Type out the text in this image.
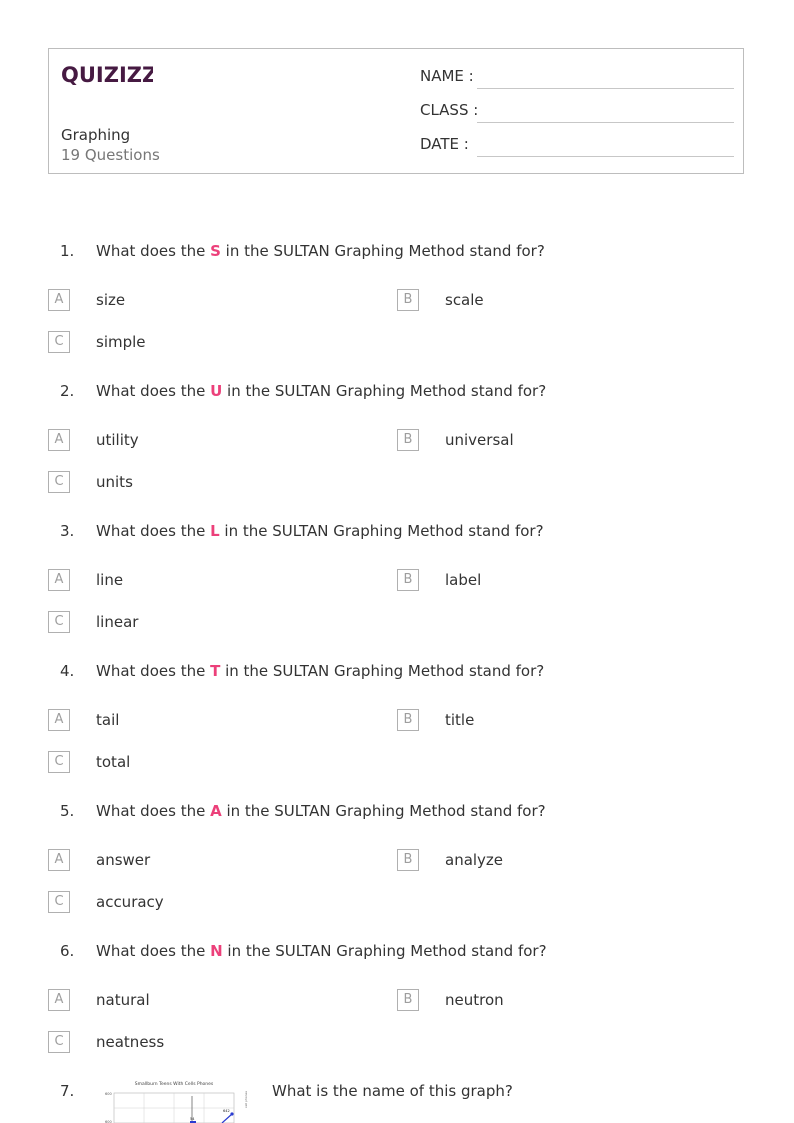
QUIZIZZ
Graphing
19 Questions
NAME :
CLASS :
DATE :
1. What does the S in the SULTAN Graphing Method stand for?
A	size	B	scale
C	simple
2. What does the U in the SULTAN Graphing Method stand for?
A	utility	B	universal
C	units
3. What does the L in the SULTAN Graphing Method stand for?
A	line	B	label
C	linear
4. What does the T in the SULTAN Graphing Method stand for?
A	tail	B	title
C	total
5. What does the A in the SULTAN Graphing Method stand for?
A	answer	B	analyze
C	accuracy
6. What does the N in the SULTAN Graphing Method stand for?
A	natural	B	neutron
C	neatness
7.	What is the name of this graph?
Smallburn Teens With Cells Phones
600
600
54
642
cell phones
